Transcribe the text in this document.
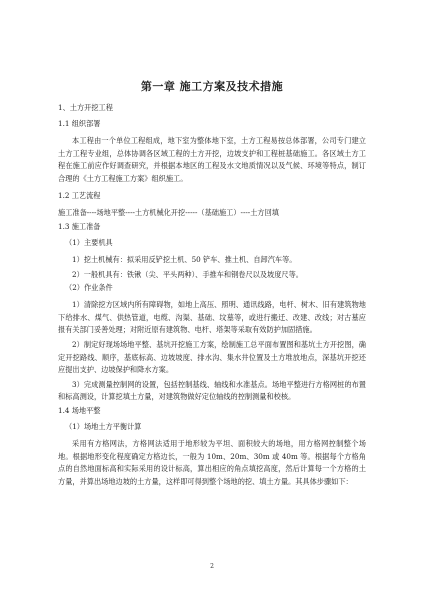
第一章 施工方案及技术措施
1、土方开挖工程
1.1 组织部署
本工程由一个单位工程组成，地下室为整体地下室，土方工程易按总体部署，公司专门建立土方工程专业组，总体协调各区域工程的土方开挖，边坡支护和工程桩基础施工。各区域土方工程在施工前应作好调查研究，并根据本地区的工程及水文地质情况以及气候、环境等特点，制订合理的《土方工程施工方案》组织施工。
1.2 工艺流程
施工准备----场地平整----土方机械化开挖-----（基础施工）----土方回填
1.3 施工准备
（1）主要机具
1）挖土机械有：拟采用反铲挖土机、50 铲车、推土机、自卸汽车等。
2）一般机具有：铁锹（尖、平头两种）、手推车和钢卷尺以及坡度尺等。
（2）作业条件
1）清除挖方区域内所有障碍物，如地上高压、照明、通讯线路，电杆、树木、旧有建筑物地下给排水、煤气、供热管道，电缆、沟渠、基础、坟墓等，或进行搬迁、改建、改线；对古墓应报有关部门妥善处理；对附近原有建筑物、电杆、塔架等采取有效防护加固措施。
2）制定好现场场地平整、基坑开挖施工方案，绘制施工总平面布置图和基坑土方开挖图，确定开挖路线、顺序，基底标高、边坡坡度、排水沟、集水井位置及土方堆放地点，深基坑开挖还应提出支护、边坡保护和降水方案。
3）完成测量控制网的设置，包括控制基线、轴线和水准基点。场地平整进行方格网桩的布置和标高测设，计算挖填土方量，对建筑物做好定位轴线的控制测量和校核。
1.4 场地平整
（1）场地土方平衡计算
采用有方格网法，方格网法适用于地形较为平坦、面积较大的场地，用方格网控制整个场地。根据地形变化程度确定方格边长，一般为 10m、20m、30m 或 40m 等。根据每个方格角点的自然地面标高和实际采用的设计标高，算出相应的角点填挖高度，然后计算每一个方格的土方量，并算出场地边坡的土方量，这样即可得到整个场地的挖、填土方量。其具体步骤如下：
2
